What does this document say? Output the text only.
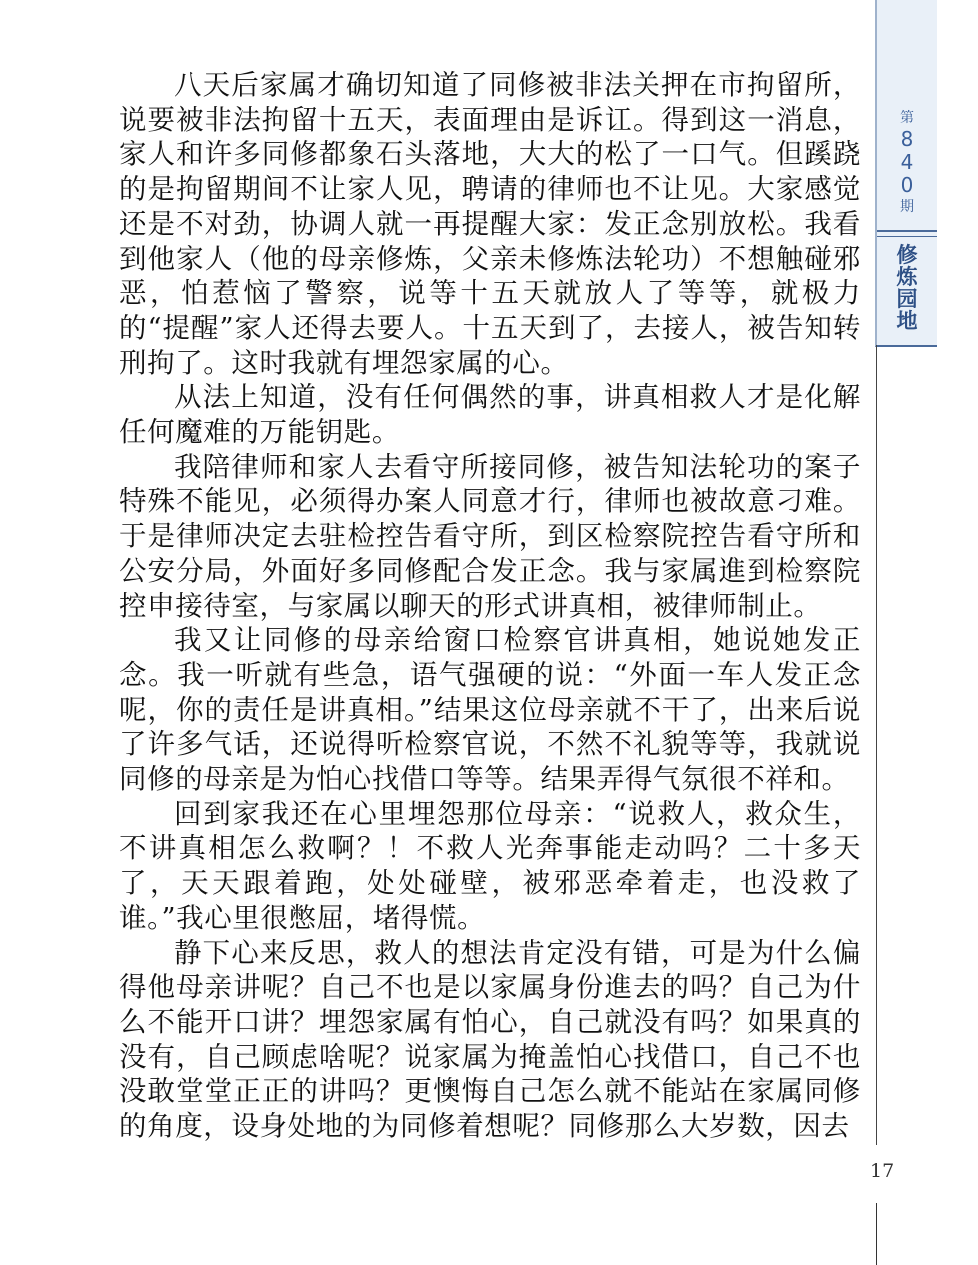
八天后家属才确切知道了同修被非法关押在市拘留所，说要被非法拘留十五天，表面理由是诉讧。得到这一消息，家人和许多同修都象石头落地，大大的松了一口气。但蹊跷的是拘留期间不让家人见，聘请的律师也不让见。大家感觉还是不对劲，协调人就一再提醒大家：发正念别放松。我看到他家人（他的母亲修炼，父亲未修炼法轮功）不想触碰邪恶，怕惹恼了警察，说等十五天就放人了等等，就极力的“提醒”家人还得去要人。十五天到了，去接人，被告知转刑拘了。这时我就有埋怨家属的心。

从法上知道，没有任何偶然的事，讲真相救人才是化解任何魔难的万能钥匙。

我陪律师和家人去看守所接同修，被告知法轮功的案子特殊不能见，必须得办案人同意才行，律师也被故意刁难。于是律师决定去驻检控告看守所，到区检察院控告看守所和公安分局，外面好多同修配合发正念。我与家属進到检察院控申接待室，与家属以聊天的形式讲真相，被律师制止。

我又让同修的母亲给窗口检察官讲真相，她说她发正念。我一听就有些急，语气强硬的说：“外面一车人发正念呢，你的责任是讲真相。”结果这位母亲就不干了，出来后说了许多气话，还说得听检察官说，不然不礼貌等等，我就说同修的母亲是为怕心找借口等等。结果弄得气氛很不祥和。

回到家我还在心里埋怨那位母亲：“说救人，救众生，不讲真相怎么救啊？！不救人光奔事能走动吗？二十多天了，天天跟着跑，处处碰壁，被邪恶牵着走，也没救了谁。”我心里很憋屈，堵得慌。

静下心来反思，救人的想法肯定没有错，可是为什么偏得他母亲讲呢？自己不也是以家属身份進去的吗？自己为什么不能开口讲？埋怨家属有怕心，自己就没有吗？如果真的没有，自己顾虑啥呢？说家属为掩盖怕心找借口，自己不也没敢堂堂正正的讲吗？更懊悔自己怎么就不能站在家属同修的角度，设身处地的为同修着想呢？同修那么大岁数，因去

第
8
4
0
期
修
炼
园
地
17
